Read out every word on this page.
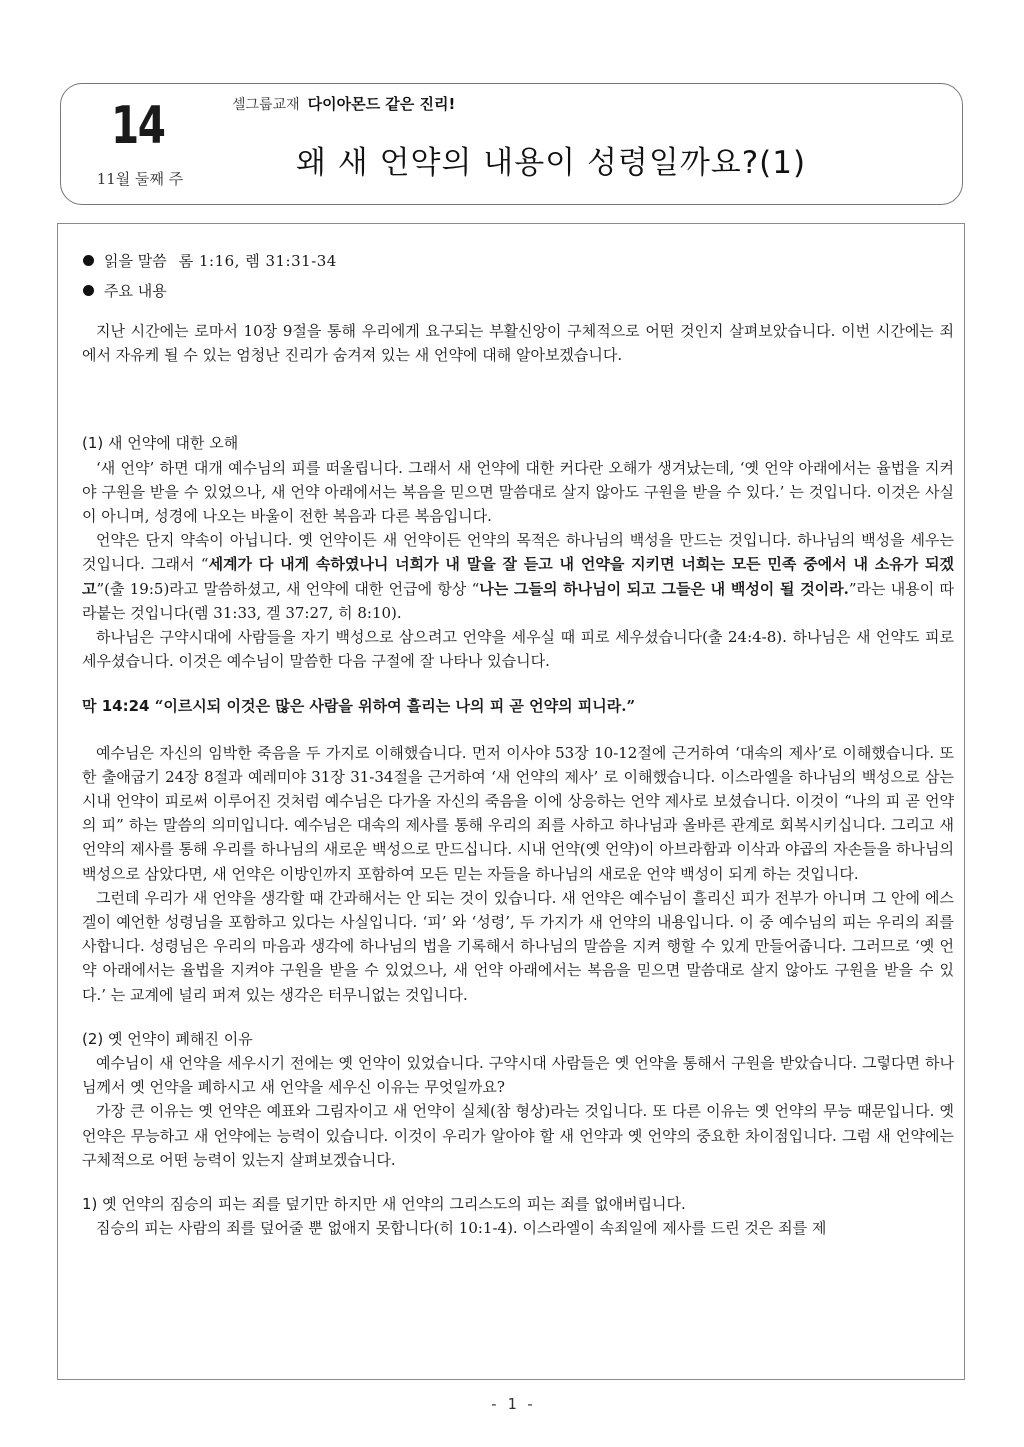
14
11월 둘째 주
셀그룹교재 다이아몬드 같은 진리!
왜 새 언약의 내용이 성령일까요?(1)
읽을 말씀 롬 1:16, 렘 31:31-34
주요 내용

지난 시간에는 로마서 10장 9절을 통해 우리에게 요구되는 부활신앙이 구체적으로 어떤 것인지 살펴보았습니다. 이번 시간에는 죄에서 자유케 될 수 있는 엄청난 진리가 숨겨져 있는 새 언약에 대해 알아보겠습니다.

(1) 새 언약에 대한 오해

‘새 언약’ 하면 대개 예수님의 피를 떠올립니다. 그래서 새 언약에 대한 커다란 오해가 생겨났는데, ‘옛 언약 아래에서는 율법을 지켜야 구원을 받을 수 있었으나, 새 언약 아래에서는 복음을 믿으면 말씀대로 살지 않아도 구원을 받을 수 있다.’ 는 것입니다. 이것은 사실이 아니며, 성경에 나오는 바울이 전한 복음과 다른 복음입니다.

언약은 단지 약속이 아닙니다. 옛 언약이든 새 언약이든 언약의 목적은 하나님의 백성을 만드는 것입니다. 하나님의 백성을 세우는 것입니다. 그래서 “세계가 다 내게 속하였나니 너희가 내 말을 잘 듣고 내 언약을 지키면 너희는 모든 민족 중에서 내 소유가 되겠고”(출 19:5)라고 말씀하셨고, 새 언약에 대한 언급에 항상 “나는 그들의 하나님이 되고 그들은 내 백성이 될 것이라.”라는 내용이 따라붙는 것입니다(렘 31:33, 겔 37:27, 히 8:10).

하나님은 구약시대에 사람들을 자기 백성으로 삼으려고 언약을 세우실 때 피로 세우셨습니다(출 24:4-8). 하나님은 새 언약도 피로 세우셨습니다. 이것은 예수님이 말씀한 다음 구절에 잘 나타나 있습니다.

막 14:24 “이르시되 이것은 많은 사람을 위하여 흘리는 나의 피 곧 언약의 피니라.”

예수님은 자신의 임박한 죽음을 두 가지로 이해했습니다. 먼저 이사야 53장 10-12절에 근거하여 ‘대속의 제사’로 이해했습니다. 또한 출애굽기 24장 8절과 예레미야 31장 31-34절을 근거하여 ‘새 언약의 제사’ 로 이해했습니다. 이스라엘을 하나님의 백성으로 삼는 시내 언약이 피로써 이루어진 것처럼 예수님은 다가올 자신의 죽음을 이에 상응하는 언약 제사로 보셨습니다. 이것이 “나의 피 곧 언약의 피” 하는 말씀의 의미입니다. 예수님은 대속의 제사를 통해 우리의 죄를 사하고 하나님과 올바른 관계로 회복시키십니다. 그리고 새 언약의 제사를 통해 우리를 하나님의 새로운 백성으로 만드십니다. 시내 언약(옛 언약)이 아브라함과 이삭과 야곱의 자손들을 하나님의 백성으로 삼았다면, 새 언약은 이방인까지 포함하여 모든 믿는 자들을 하나님의 새로운 언약 백성이 되게 하는 것입니다.

그런데 우리가 새 언약을 생각할 때 간과해서는 안 되는 것이 있습니다. 새 언약은 예수님이 흘리신 피가 전부가 아니며 그 안에 에스겔이 예언한 성령님을 포함하고 있다는 사실입니다. ‘피’ 와 ‘성령’, 두 가지가 새 언약의 내용입니다. 이 중 예수님의 피는 우리의 죄를 사합니다. 성령님은 우리의 마음과 생각에 하나님의 법을 기록해서 하나님의 말씀을 지켜 행할 수 있게 만들어줍니다. 그러므로 ‘옛 언약 아래에서는 율법을 지켜야 구원을 받을 수 있었으나, 새 언약 아래에서는 복음을 믿으면 말씀대로 살지 않아도 구원을 받을 수 있다.’ 는 교계에 널리 퍼져 있는 생각은 터무니없는 것입니다.

(2) 옛 언약이 폐해진 이유

예수님이 새 언약을 세우시기 전에는 옛 언약이 있었습니다. 구약시대 사람들은 옛 언약을 통해서 구원을 받았습니다. 그렇다면 하나님께서 옛 언약을 폐하시고 새 언약을 세우신 이유는 무엇일까요?

가장 큰 이유는 옛 언약은 예표와 그림자이고 새 언약이 실체(참 형상)라는 것입니다. 또 다른 이유는 옛 언약의 무능 때문입니다. 옛 언약은 무능하고 새 언약에는 능력이 있습니다. 이것이 우리가 알아야 할 새 언약과 옛 언약의 중요한 차이점입니다. 그럼 새 언약에는 구체적으로 어떤 능력이 있는지 살펴보겠습니다.

1) 옛 언약의 짐승의 피는 죄를 덮기만 하지만 새 언약의 그리스도의 피는 죄를 없애버립니다.

짐승의 피는 사람의 죄를 덮어줄 뿐 없애지 못합니다(히 10:1-4). 이스라엘이 속죄일에 제사를 드린 것은 죄를 제

- 1 -
